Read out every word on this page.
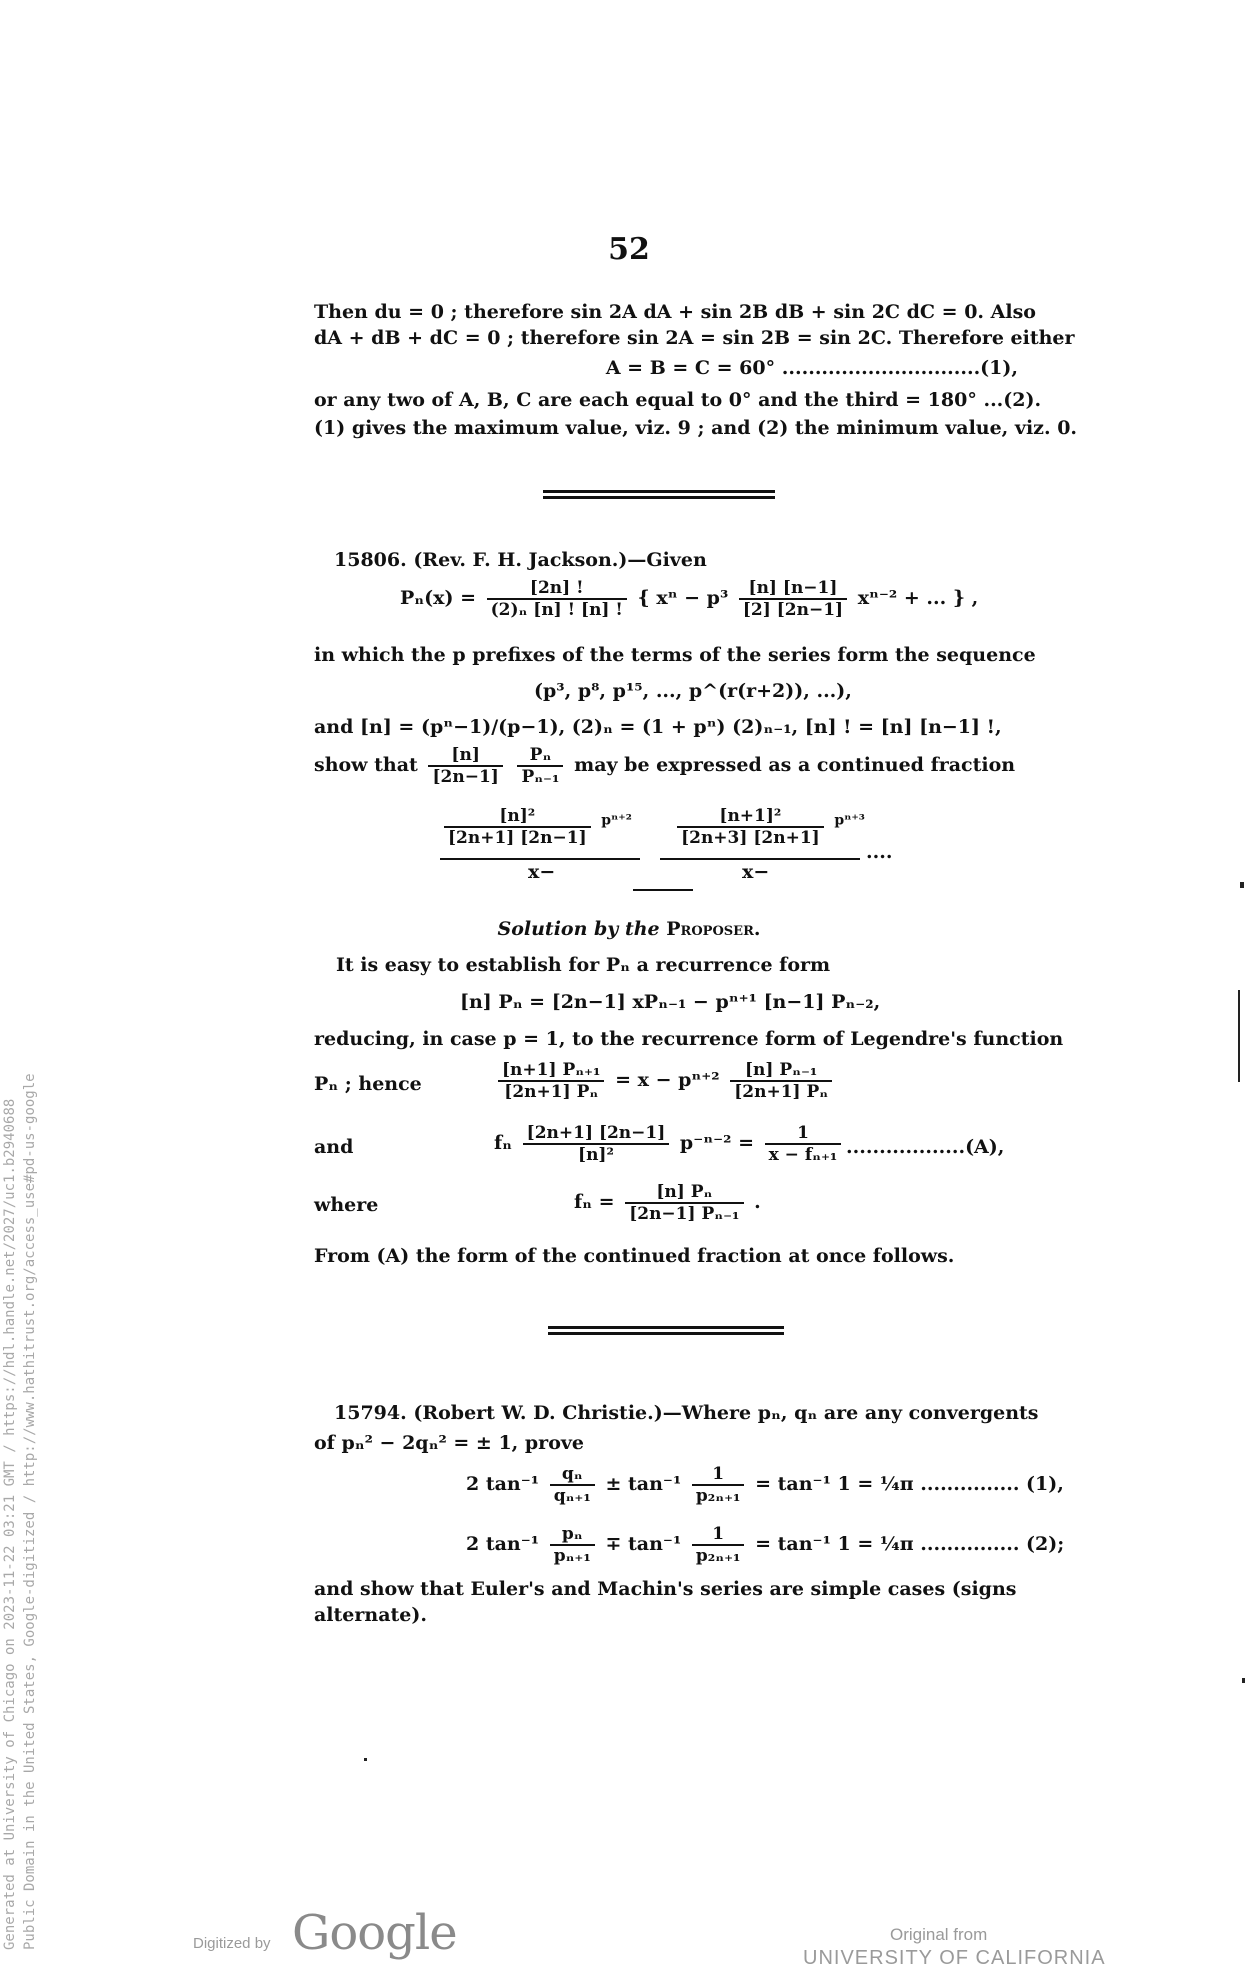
52
Then du = 0 ; therefore sin 2A dA + sin 2B dB + sin 2C dC = 0. Also
dA + dB + dC = 0 ; therefore sin 2A = sin 2B = sin 2C. Therefore either
A = B = C = 60° ..............................(1),
or any two of A, B, C are each equal to 0° and the third = 180° ...(2).
(1) gives the maximum value, viz. 9 ; and (2) the minimum value, viz. 0.
15806. (Rev. F. H. Jackson.)—Given
$P_n(x) = \frac{[2n] !}{\text{(2)ₙ [n] ! [n] !}}$ { $x^n - p^3 \frac{[n] [n-1]}{[2] [2n-1]} x^{n-2}$ + ... } ,
in which the p prefixes of the terms of the series form the sequence
(p³, p⁸, p¹⁵, ..., p^(r(r+2)), ...),
and [n] = (pⁿ−1)/(p−1), (2)ₙ = (1 + pⁿ) (2)ₙ₋₁, [n] ! = [n] [n−1] !,
show that $\frac{[n]}{[2n-1]}$
$\frac{\text{Pₙ}}{\text{Pₙ₋₁}}$ may be expressed as a continued fraction
$\frac{\text{[n]²}}{[2n+1] [2n-1]} ^{p^{n+2}}$	$\frac{\text{[n+1]²}}{[2n+3] [2n+1]} ^{p^{n+3}}$
x−	x−
....
Solution by the Proposer.
It is easy to establish for Pₙ a recurrence form
[n] Pₙ = [2n−1] xPₙ₋₁ − pⁿ⁺¹ [n−1] Pₙ₋₂,
reducing, in case p = 1, to the recurrence form of Legendre's function
Pₙ ; hence	$\frac{\text{[n+1] Pₙ₊₁}}{\text{[2n+1] Pₙ}} = x - p^{n+2} \frac{\text{[n] Pₙ₋₁}}{\text{[2n+1] Pₙ}}$
and	fₙ $\frac{[2n+1] [2n-1]}{\text{[n]²}} p^{-n-2} = \frac{1}{\text{x − fₙ₊₁}} ..................(A)$,
where	$f_n = \frac{\text{[n] Pₙ}}{\text{[2n−1] Pₙ₋₁}}$ .
From (A) the form of the continued fraction at once follows.
15794. (Robert W. D. Christie.)—Where pₙ, qₙ are any convergents
of pₙ² − 2qₙ² = ± 1, prove
2 $\tan^{-1} \frac{\text{qₙ}}{\text{qₙ₊₁}} \pm \tan^{-1} \frac{1}{\text{p₂ₙ₊₁}} = \tan^{-1}$ 1 = ¼π ............... (1),
2 $\tan^{-1} \frac{\text{pₙ}}{\text{pₙ₊₁}} \mp \tan^{-1} \frac{1}{\text{p₂ₙ₊₁}} = \tan^{-1}$ 1 = ¼π ............... (2);
and show that Euler's and Machin's series are simple cases (signs
alternate).
Generated at University of Chicago on 2023-11-22 03:21 GMT / https://hdl.handle.net/2027/uc1.b2940688 Public Domain in the United States, Google-digitized / http://www.hathitrust.org/access_use#pd-us-google	Digitized by Google	Original from
UNIVERSITY OF CALIFORNIA
